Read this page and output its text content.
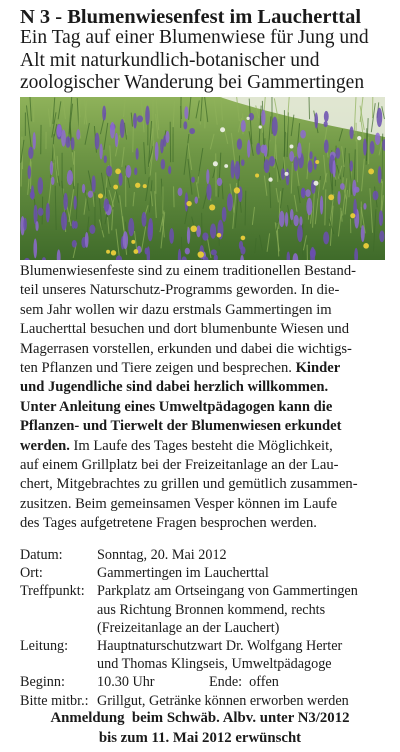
N 3 - Blumenwiesenfest im Laucherttal
Ein Tag auf einer Blumenwiese für Jung und
Alt mit naturkundlich-botanischer und
zoologischer Wanderung bei Gammertingen
Blumenwiesenfeste sind zu einem traditionellen Bestand-
teil unseres Naturschutz-Programms geworden. In die-
sem Jahr wollen wir dazu erstmals Gammertingen im
Laucherttal besuchen und dort blumenbunte Wiesen und
Magerrasen vorstellen, erkunden und dabei die wichtigs-
ten Pflanzen und Tiere zeigen und besprechen. Kinder
und Jugendliche sind dabei herzlich willkommen.
Unter Anleitung eines Umweltpädagogen kann die
Pflanzen- und Tierwelt der Blumenwiesen erkundet
werden. Im Laufe des Tages besteht die Möglichkeit,
auf einem Grillplatz bei der Freizeitanlage an der Lau-
chert, Mitgebrachtes zu grillen und gemütlich zusammen-
zusitzen. Beim gemeinsamen Vesper können im Laufe
des Tages aufgetretene Fragen besprochen werden.
Datum:	Sonntag, 20. Mai 2012
Ort:	Gammertingen im Laucherttal
Treffpunkt: Parkplatz am Ortseingang von Gammertingen
aus Richtung Bronnen kommend, rechts
(Freizeitanlage an der Lauchert)
Leitung:	Hauptnaturschutzwart Dr. Wolfgang Herter
und Thomas Klingseis, Umweltpädagoge
Beginn:	10.30 Uhr	Ende:  offen
Bitte mitbr.: Grillgut, Getränke können erworben werden
Anmeldung  beim Schwäb. Albv. unter N3/2012
bis zum 11. Mai 2012 erwünscht
